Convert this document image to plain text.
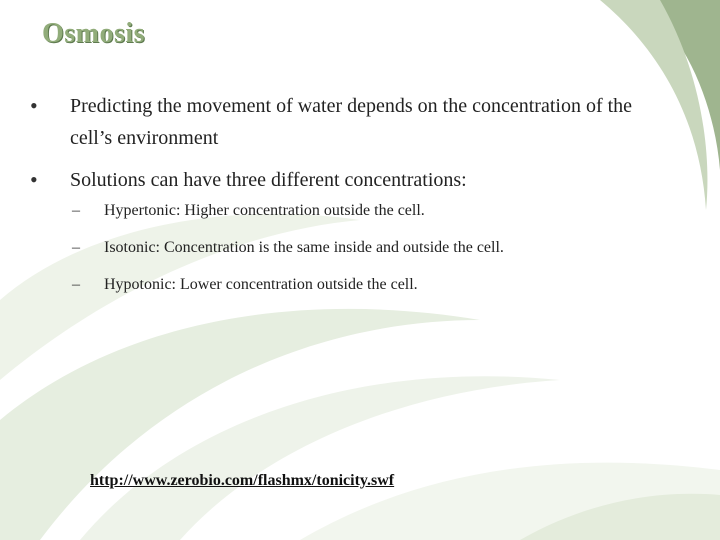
Osmosis
• Predicting the movement of water depends on the concentration of the cell’s environment
• Solutions can have three different concentrations:
– Hypertonic: Higher concentration outside the cell.
– Isotonic: Concentration is the same inside and outside the cell.
– Hypotonic: Lower concentration outside the cell.
http://www.zerobio.com/flashmx/tonicity.swf
